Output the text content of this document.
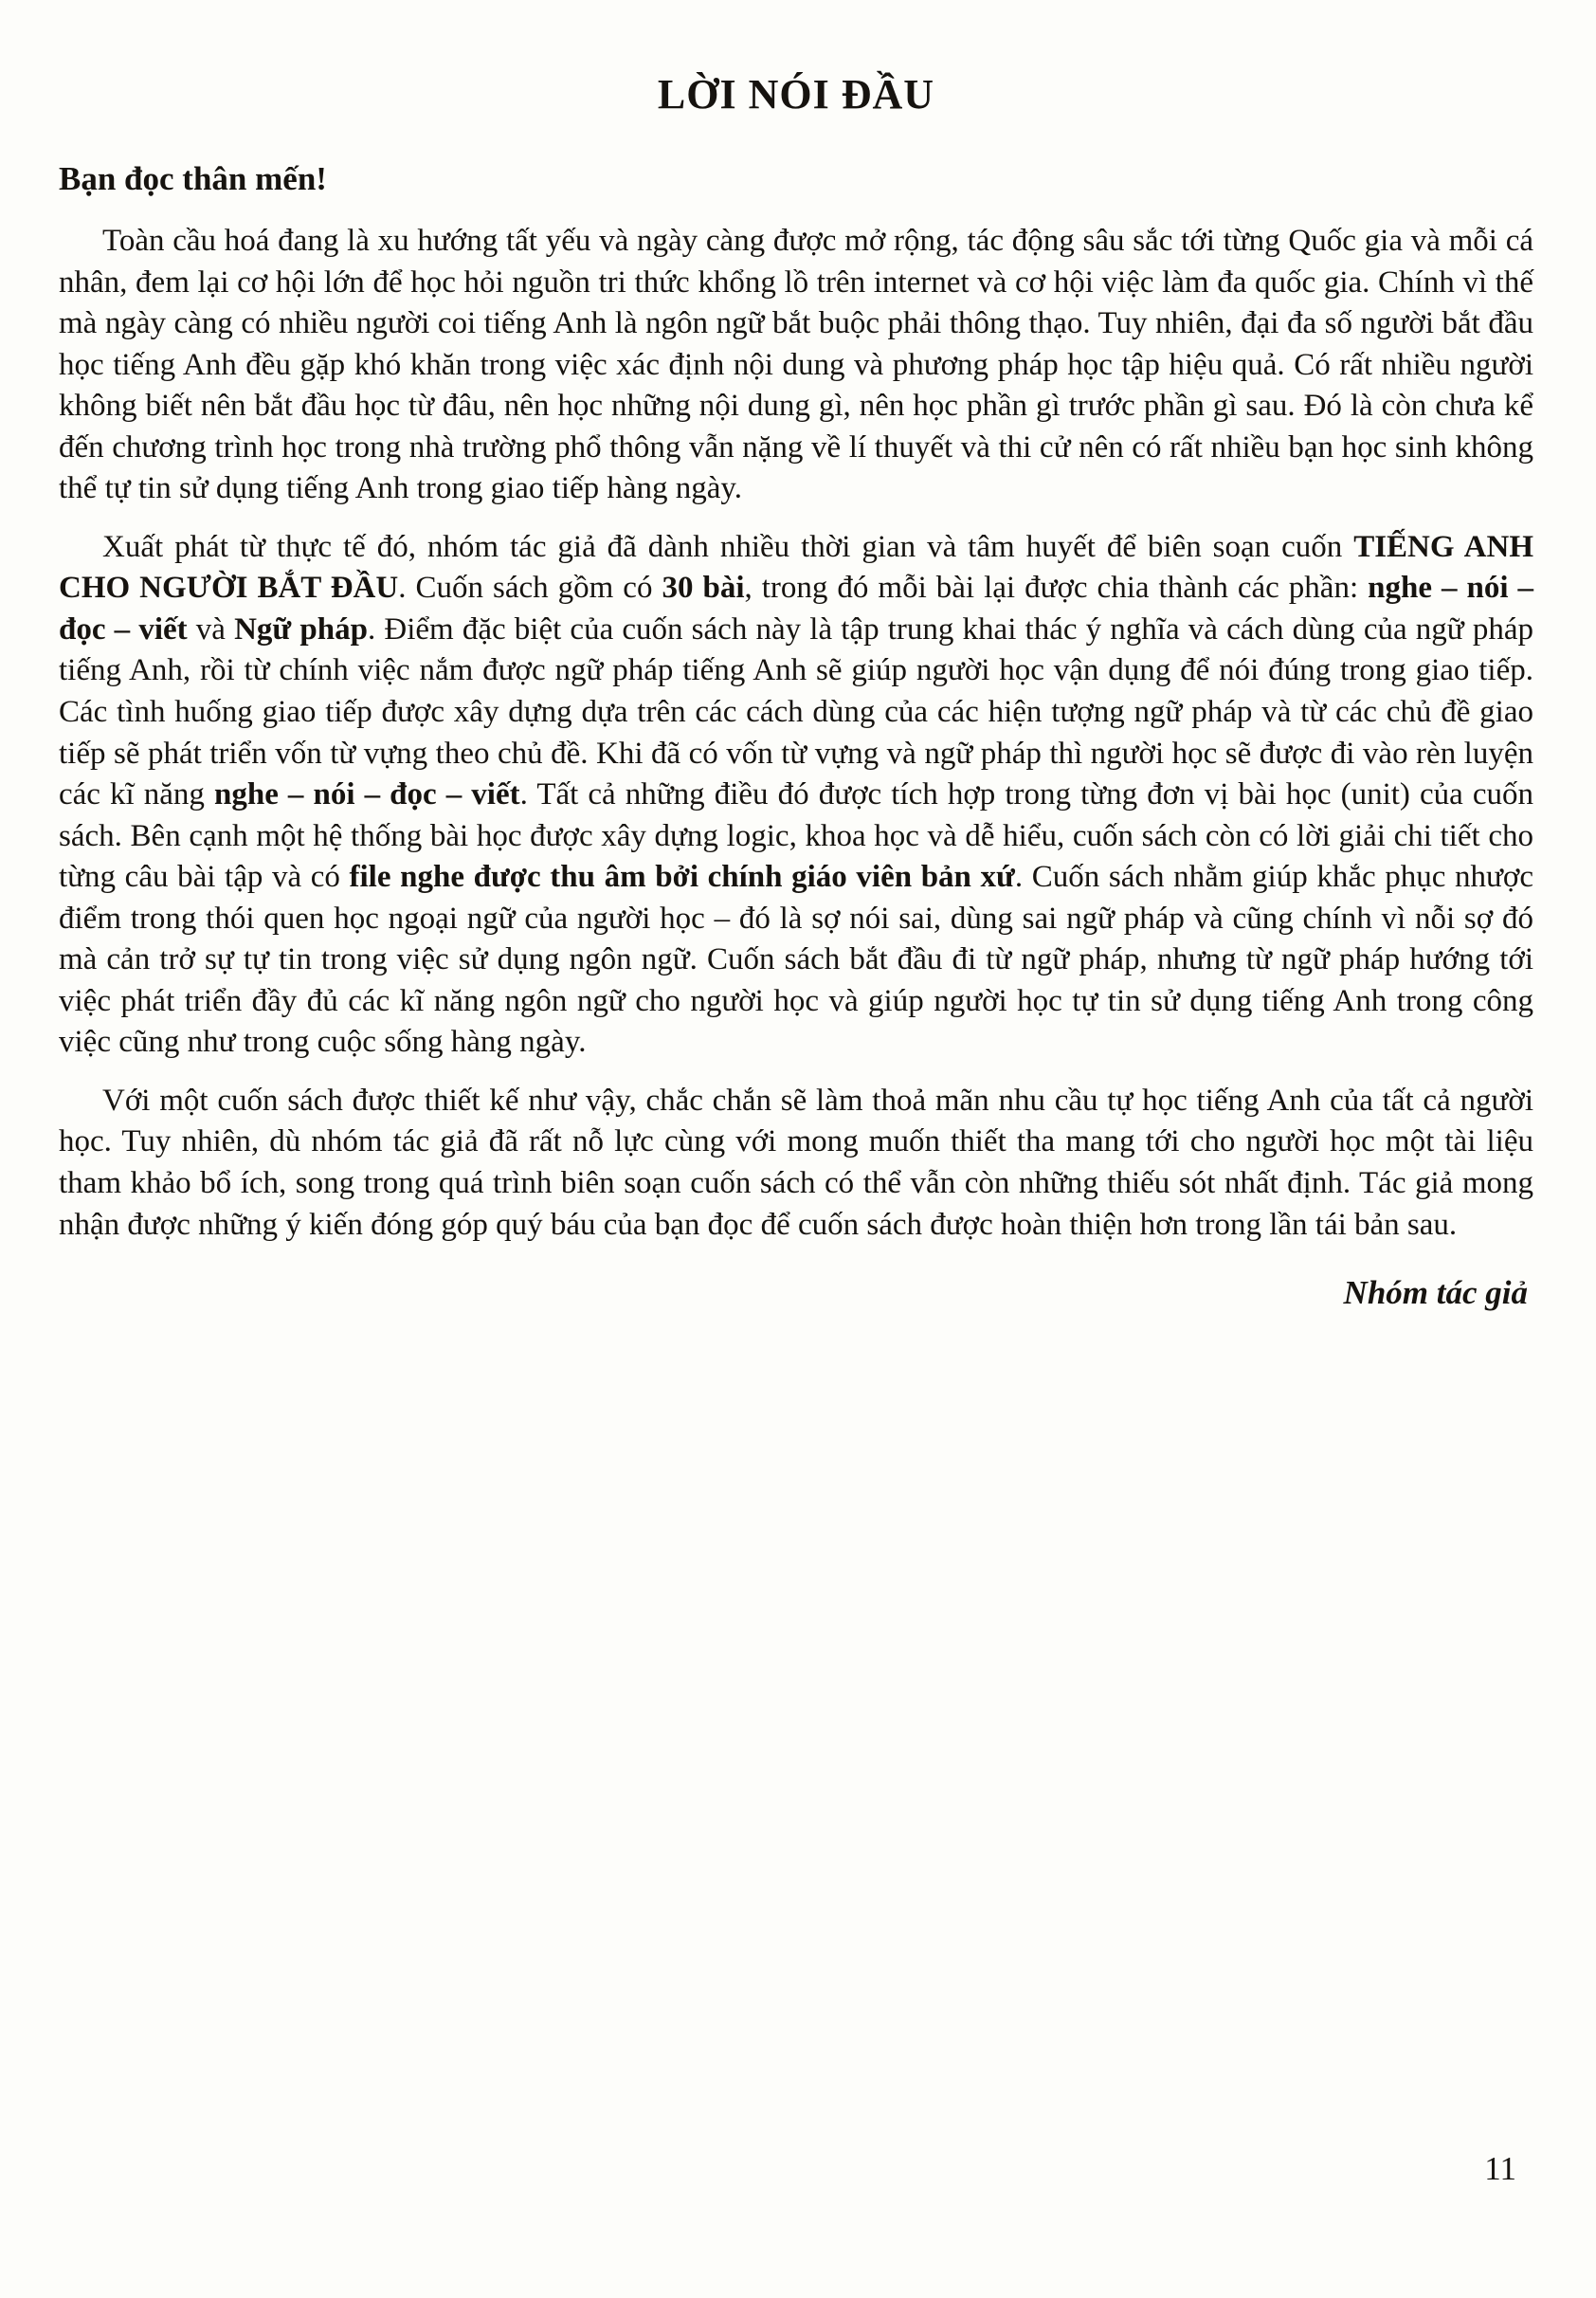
LỜI NÓI ĐẦU

Bạn đọc thân mến!

Toàn cầu hoá đang là xu hướng tất yếu và ngày càng được mở rộng, tác động sâu sắc tới từng Quốc gia và mỗi cá nhân, đem lại cơ hội lớn để học hỏi nguồn tri thức khổng lồ trên internet và cơ hội việc làm đa quốc gia. Chính vì thế mà ngày càng có nhiều người coi tiếng Anh là ngôn ngữ bắt buộc phải thông thạo. Tuy nhiên, đại đa số người bắt đầu học tiếng Anh đều gặp khó khăn trong việc xác định nội dung và phương pháp học tập hiệu quả. Có rất nhiều người không biết nên bắt đầu học từ đâu, nên học những nội dung gì, nên học phần gì trước phần gì sau. Đó là còn chưa kể đến chương trình học trong nhà trường phổ thông vẫn nặng về lí thuyết và thi cử nên có rất nhiều bạn học sinh không thể tự tin sử dụng tiếng Anh trong giao tiếp hàng ngày.

Xuất phát từ thực tế đó, nhóm tác giả đã dành nhiều thời gian và tâm huyết để biên soạn cuốn TIẾNG ANH CHO NGƯỜI BẮT ĐẦU. Cuốn sách gồm có 30 bài, trong đó mỗi bài lại được chia thành các phần: nghe – nói – đọc – viết và Ngữ pháp. Điểm đặc biệt của cuốn sách này là tập trung khai thác ý nghĩa và cách dùng của ngữ pháp tiếng Anh, rồi từ chính việc nắm được ngữ pháp tiếng Anh sẽ giúp người học vận dụng để nói đúng trong giao tiếp. Các tình huống giao tiếp được xây dựng dựa trên các cách dùng của các hiện tượng ngữ pháp và từ các chủ đề giao tiếp sẽ phát triển vốn từ vựng theo chủ đề. Khi đã có vốn từ vựng và ngữ pháp thì người học sẽ được đi vào rèn luyện các kĩ năng nghe – nói – đọc – viết. Tất cả những điều đó được tích hợp trong từng đơn vị bài học (unit) của cuốn sách. Bên cạnh một hệ thống bài học được xây dựng logic, khoa học và dễ hiểu, cuốn sách còn có lời giải chi tiết cho từng câu bài tập và có file nghe được thu âm bởi chính giáo viên bản xứ. Cuốn sách nhằm giúp khắc phục nhược điểm trong thói quen học ngoại ngữ của người học – đó là sợ nói sai, dùng sai ngữ pháp và cũng chính vì nỗi sợ đó mà cản trở sự tự tin trong việc sử dụng ngôn ngữ. Cuốn sách bắt đầu đi từ ngữ pháp, nhưng từ ngữ pháp hướng tới việc phát triển đầy đủ các kĩ năng ngôn ngữ cho người học và giúp người học tự tin sử dụng tiếng Anh trong công việc cũng như trong cuộc sống hàng ngày.

Với một cuốn sách được thiết kế như vậy, chắc chắn sẽ làm thoả mãn nhu cầu tự học tiếng Anh của tất cả người học. Tuy nhiên, dù nhóm tác giả đã rất nỗ lực cùng với mong muốn thiết tha mang tới cho người học một tài liệu tham khảo bổ ích, song trong quá trình biên soạn cuốn sách có thể vẫn còn những thiếu sót nhất định. Tác giả mong nhận được những ý kiến đóng góp quý báu của bạn đọc để cuốn sách được hoàn thiện hơn trong lần tái bản sau.

Nhóm tác giả

11
